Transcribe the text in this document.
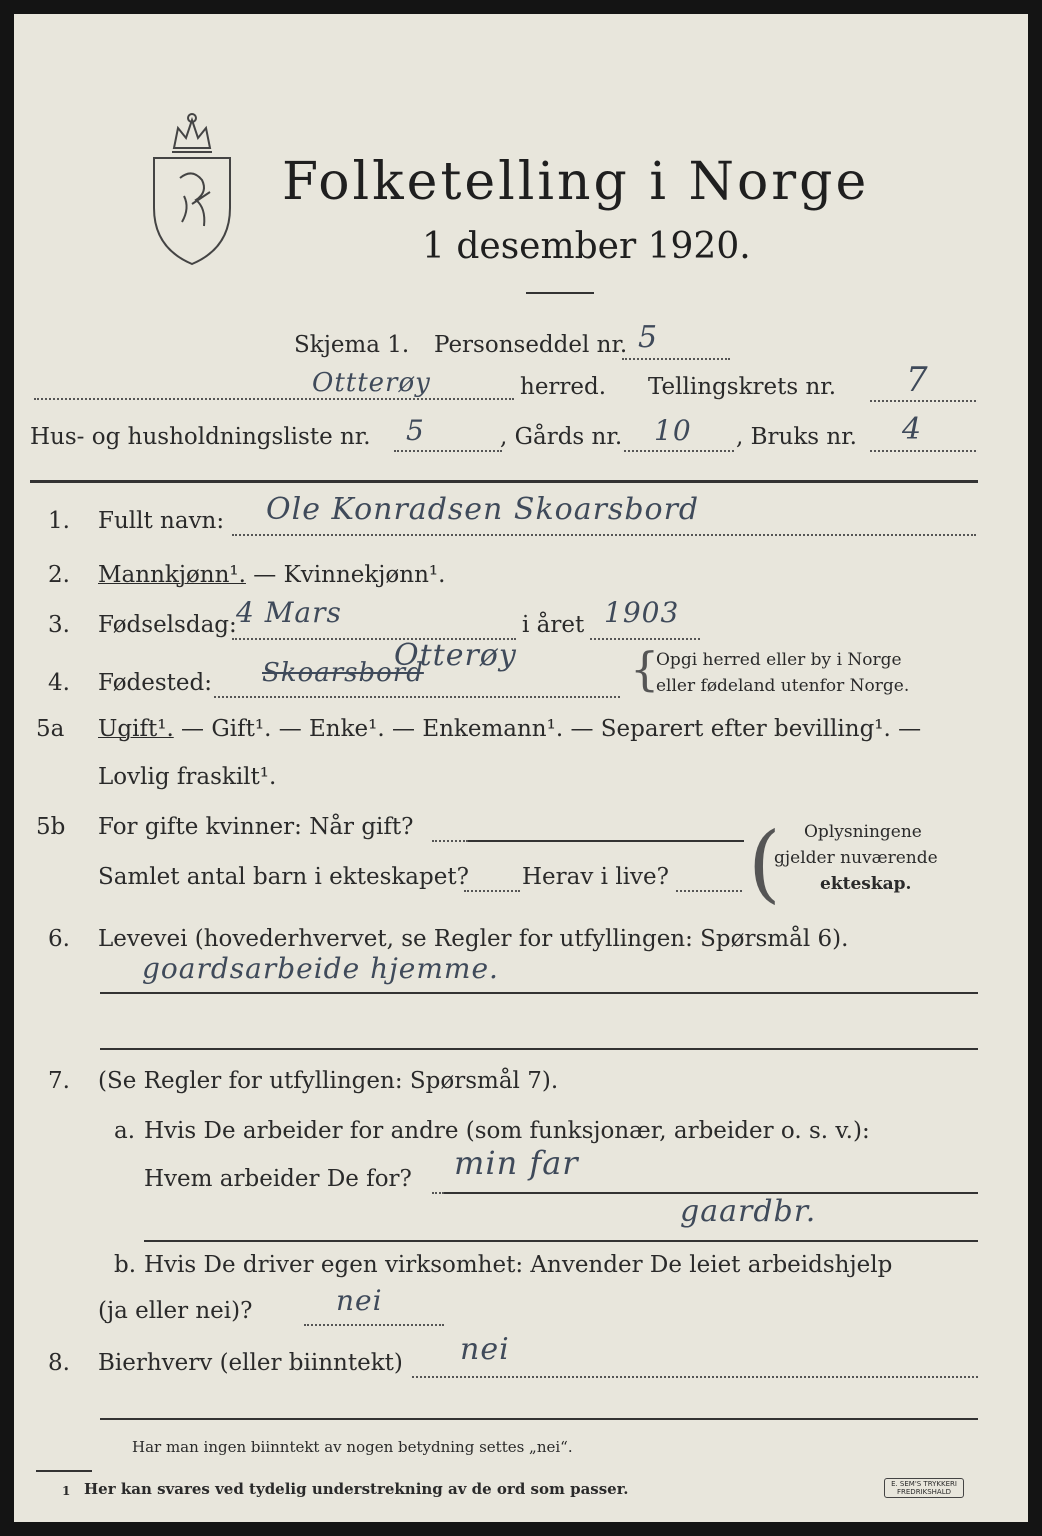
Folketelling i Norge
1 desember 1920.
Skjema 1. Personseddel nr. 5
Ottterøy	herred. Tellingskrets nr. 7
Hus- og husholdningsliste nr. 5	, Gårds nr. 10 , Bruks nr. 4
1. Fullt navn: Ole Konradsen Skoarsbord
2. Mannkjønn¹. — Kvinnekjønn¹.
3. Fødselsdag: 4 Mars	i året 1903
4. Fødested: Skoarsbord
Otterøy {
Opgi herred eller by i Norge
eller fødeland utenfor Norge.
5a Ugift¹. — Gift¹. — Enke¹. — Enkemann¹. — Separert efter bevilling¹. —
Lovlig fraskilt¹.
5b For gifte kvinner: Når gift?
Samlet antal barn i ekteskapet? Herav i live? ( Oplysningene
gjelder nuværende
ekteskap.
6. Levevei (hovederhvervet, se Regler for utfyllingen: Spørsmål 6).
goardsarbeide hjemme.
7. (Se Regler for utfyllingen: Spørsmål 7).
a. Hvis De arbeider for andre (som funksjonær, arbeider o. s. v.):
Hvem arbeider De for? min far
gaardbr.
b. Hvis De driver egen virksomhet: Anvender De leiet arbeidshjelp
(ja eller nei)?	nei
8. Bierhverv (eller biinntekt) nei
Har man ingen biinntekt av nogen betydning settes „nei“.
1 Her kan svares ved tydelig understrekning av de ord som passer.	E. SEM'S TRYKKERI
FREDRIKSHALD
